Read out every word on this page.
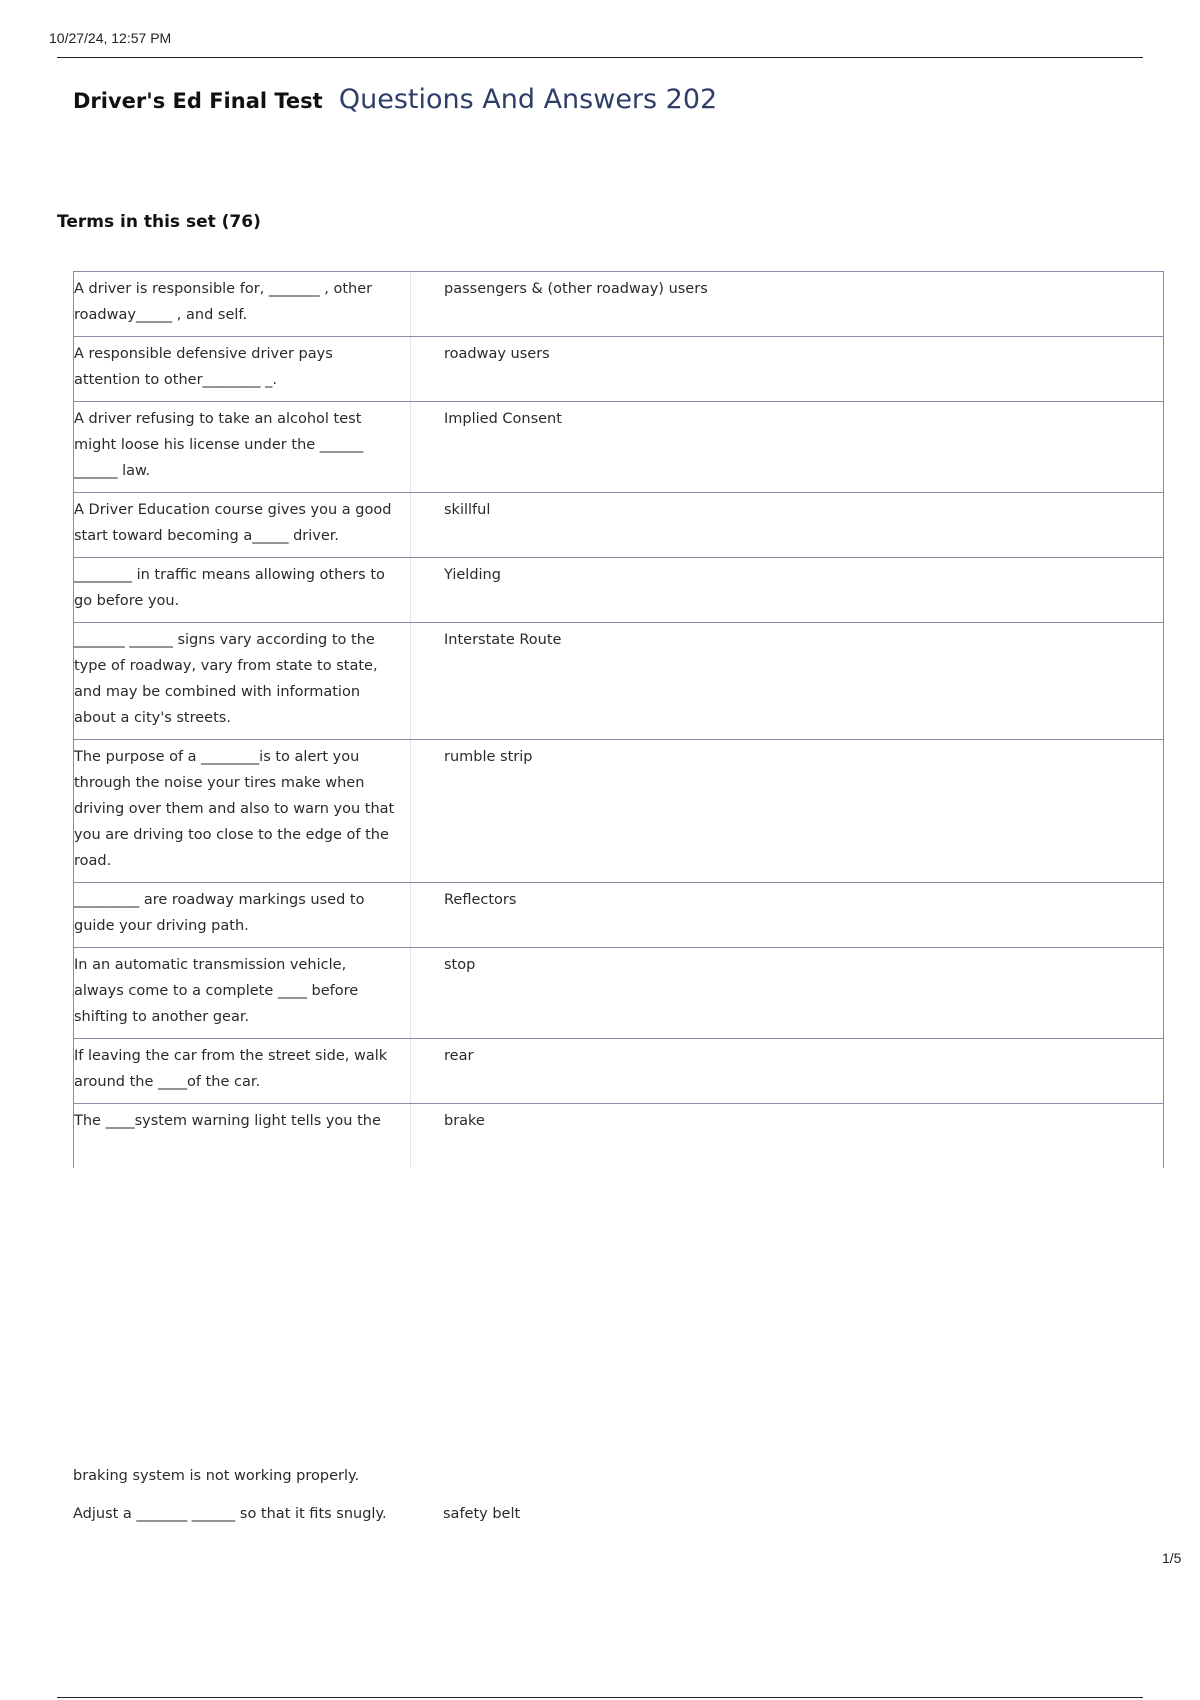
10/27/24, 12:57 PM
Driver's Ed Final Test Questions And Answers 202
Terms in this set (76)
A driver is responsible for, _______ , other roadway_____ , and self.
passengers & (other roadway) users
A responsible defensive driver pays attention to other________ _.
roadway users
A driver refusing to take an alcohol test might loose his license under the ______ ______ law.
Implied Consent
A Driver Education course gives you a good start toward becoming a_____ driver.
skillful
________ in traffic means allowing others to go before you.
Yielding
_______ ______ signs vary according to the type of roadway, vary from state to state, and may be combined with information about a city's streets.
Interstate Route
The purpose of a ________is to alert you through the noise your tires make when driving over them and also to warn you that you are driving too close to the edge of the road.
rumble strip
_________ are roadway markings used to guide your driving path.
Reflectors
In an automatic transmission vehicle, always come to a complete ____ before shifting to another gear.
stop
If leaving the car from the street side, walk around the ____of the car.
rear
The ____system warning light tells you the	brake
braking system is not working properly.
Adjust a _______ ______ so that it fits snugly.	safety belt
1/5
